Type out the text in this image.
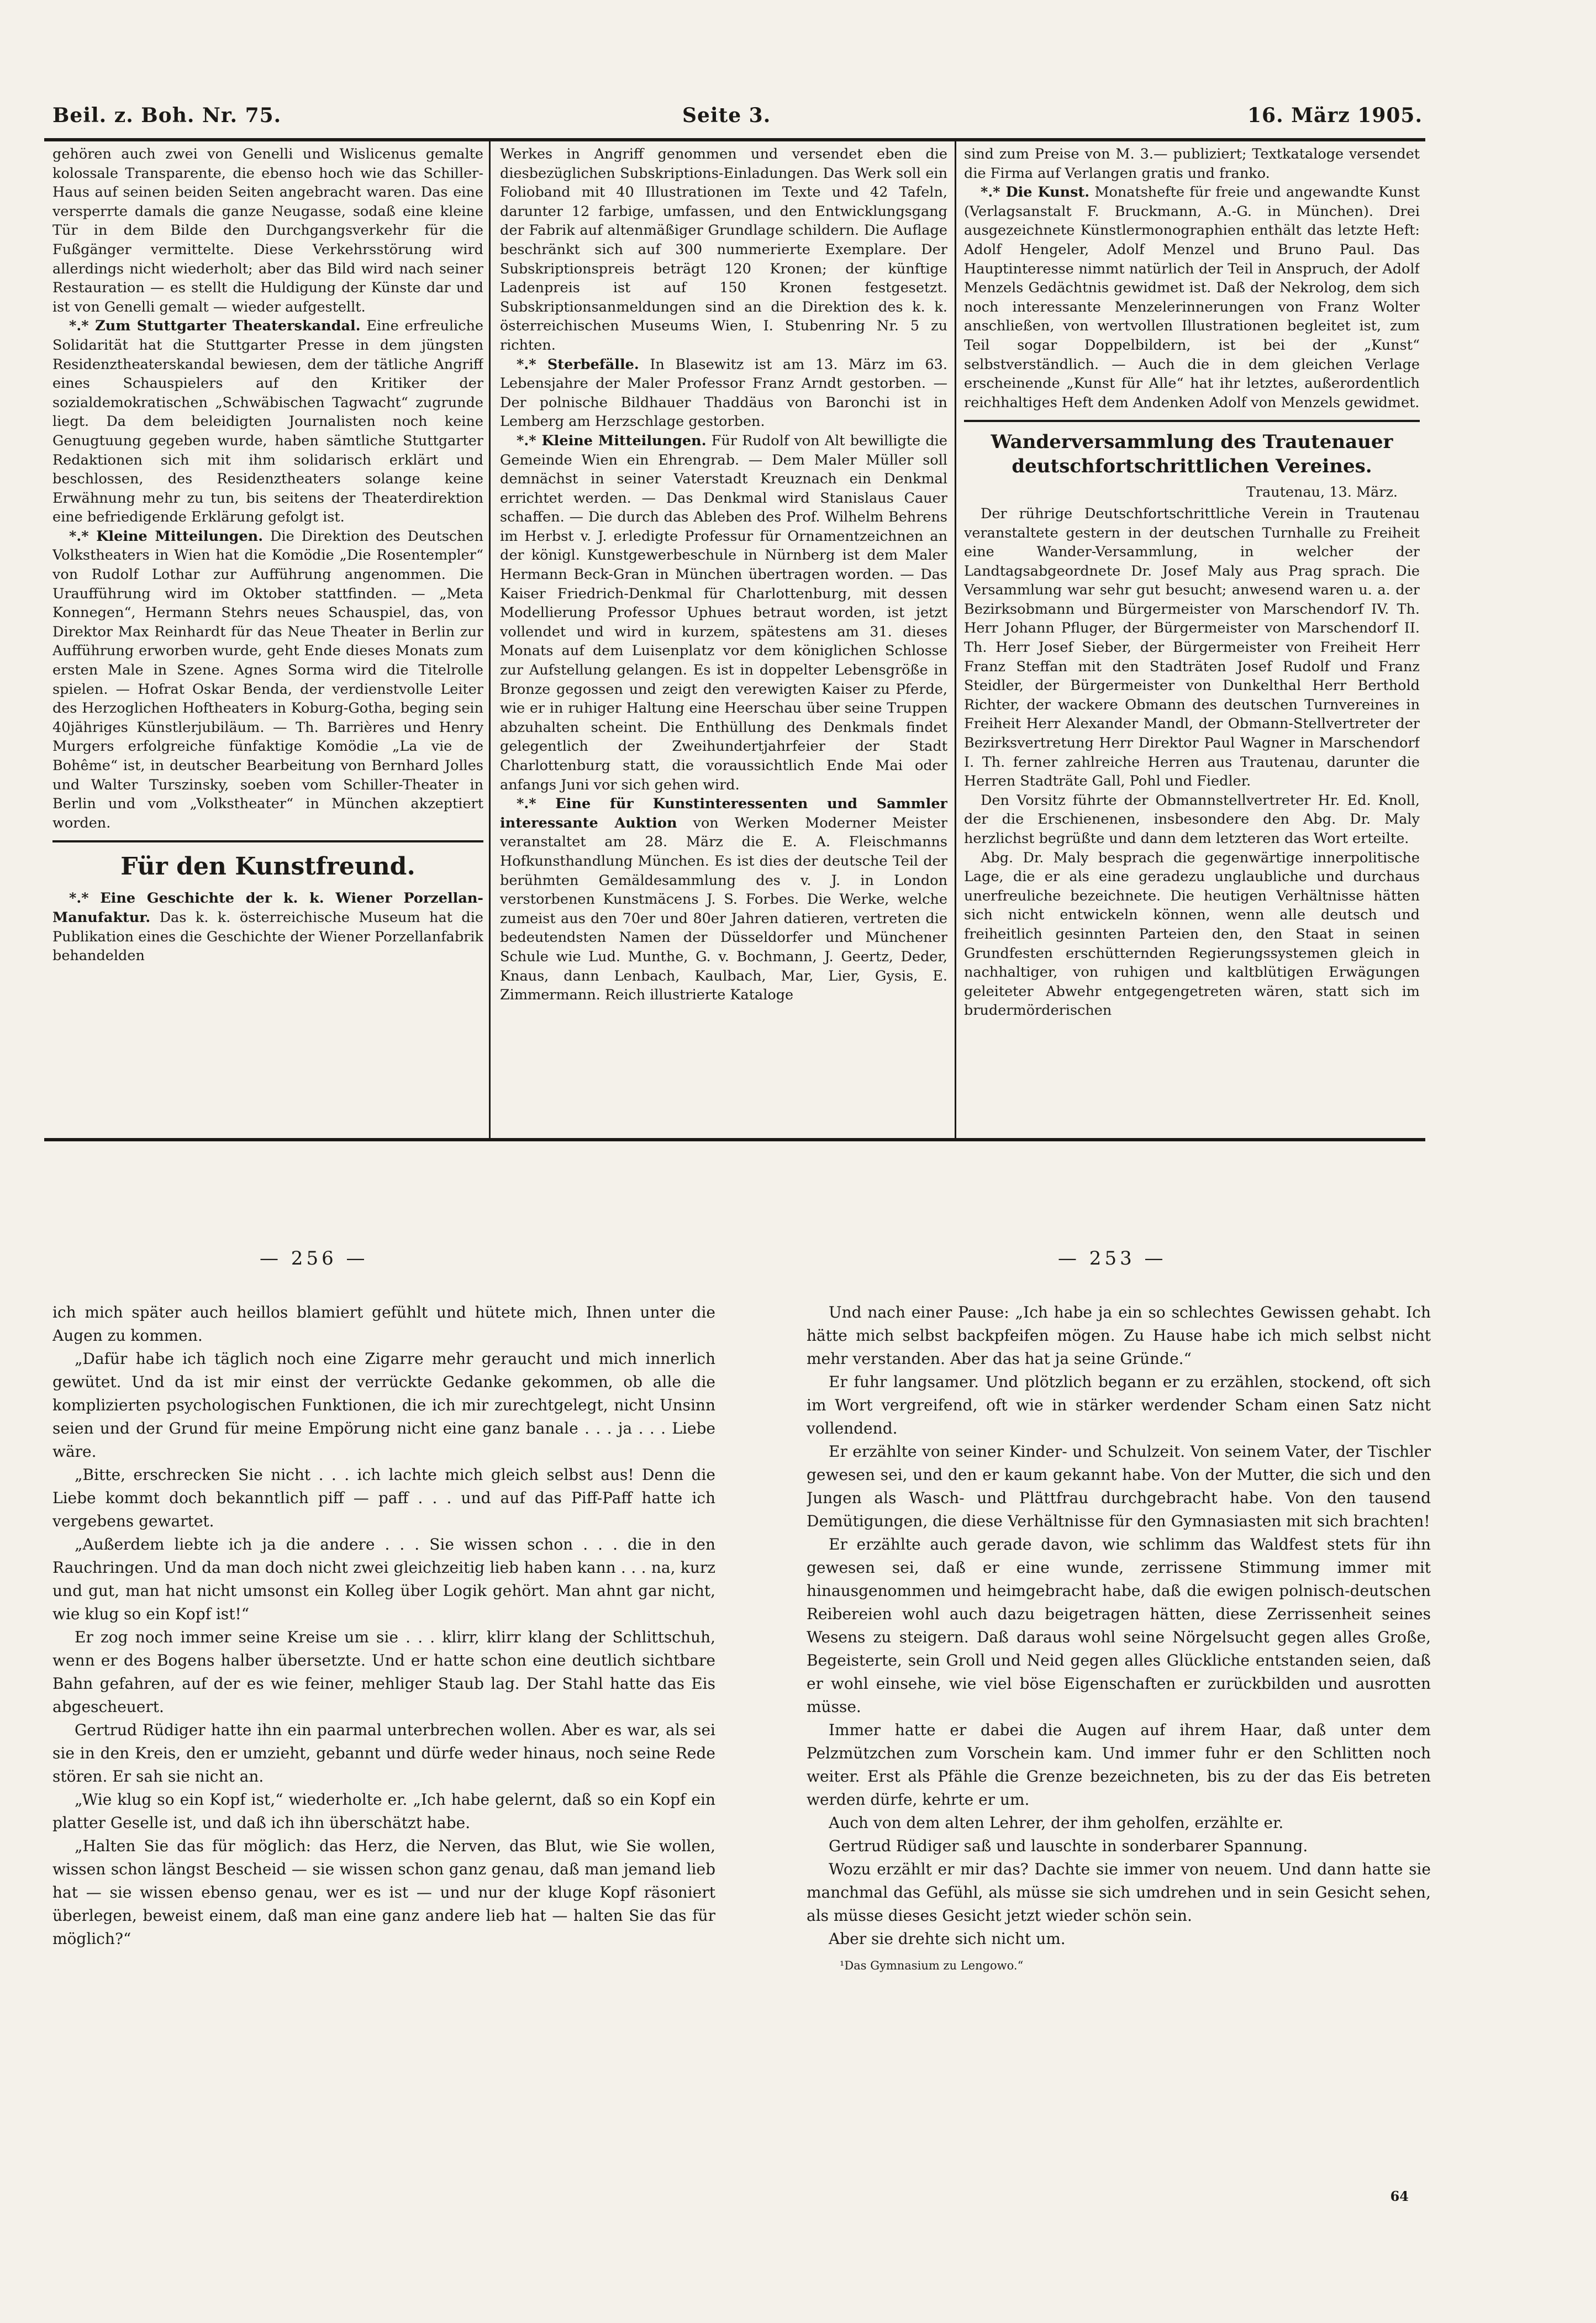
Beil. z. Boh. Nr. 75.	Seite 3.	16. März 1905.

gehören auch zwei von Genelli und Wislicenus gemalte kolossale Transparente, die ebenso hoch wie das Schiller-Haus auf seinen beiden Seiten angebracht waren. Das eine versperrte damals die ganze Neugasse, sodaß eine kleine Tür in dem Bilde den Durchgangsverkehr für die Fußgänger vermittelte. Diese Verkehrsstörung wird allerdings nicht wiederholt; aber das Bild wird nach seiner Restauration — es stellt die Huldigung der Künste dar und ist von Genelli gemalt — wieder aufgestellt.

*.* Zum Stuttgarter Theaterskandal. Eine erfreuliche Solidarität hat die Stuttgarter Presse in dem jüngsten Residenztheaterskandal bewiesen, dem der tätliche Angriff eines Schauspielers auf den Kritiker der sozialdemokratischen „Schwäbischen Tagwacht“ zugrunde liegt. Da dem beleidigten Journalisten noch keine Genugtuung gegeben wurde, haben sämtliche Stuttgarter Redaktionen sich mit ihm solidarisch erklärt und beschlossen, des Residenztheaters solange keine Erwähnung mehr zu tun, bis seitens der Theaterdirektion eine befriedigende Erklärung gefolgt ist.

*.* Kleine Mitteilungen. Die Direktion des Deutschen Volkstheaters in Wien hat die Komödie „Die Rosentempler“ von Rudolf Lothar zur Aufführung angenommen. Die Uraufführung wird im Oktober stattfinden. — „Meta Konnegen“, Hermann Stehrs neues Schauspiel, das, von Direktor Max Reinhardt für das Neue Theater in Berlin zur Aufführung erworben wurde, geht Ende dieses Monats zum ersten Male in Szene. Agnes Sorma wird die Titelrolle spielen. — Hofrat Oskar Benda, der verdienstvolle Leiter des Herzoglichen Hoftheaters in Koburg-Gotha, beging sein 40jähriges Künstlerjubiläum. — Th. Barrières und Henry Murgers erfolgreiche fünfaktige Komödie „La vie de Bohême“ ist, in deutscher Bearbeitung von Bernhard Jolles und Walter Turszinsky, soeben vom Schiller-Theater in Berlin und vom „Volkstheater“ in München akzeptiert worden.

Für den Kunstfreund.

*.* Eine Geschichte der k. k. Wiener Porzellan-Manufaktur. Das k. k. österreichische Museum hat die Publikation eines die Geschichte der Wiener Porzellanfabrik behandelden

Werkes in Angriff genommen und versendet eben die diesbezüglichen Subskriptions-Einladungen. Das Werk soll ein Folioband mit 40 Illustrationen im Texte und 42 Tafeln, darunter 12 farbige, umfassen, und den Entwicklungsgang der Fabrik auf altenmäßiger Grundlage schildern. Die Auflage beschränkt sich auf 300 nummerierte Exemplare. Der Subskriptionspreis beträgt 120 Kronen; der künftige Ladenpreis ist auf 150 Kronen festgesetzt. Subskriptionsanmeldungen sind an die Direktion des k. k. österreichischen Museums Wien, I. Stubenring Nr. 5 zu richten.

*.* Sterbefälle. In Blasewitz ist am 13. März im 63. Lebensjahre der Maler Professor Franz Arndt gestorben. — Der polnische Bildhauer Thaddäus von Baronchi ist in Lemberg am Herzschlage gestorben.

*.* Kleine Mitteilungen. Für Rudolf von Alt bewilligte die Gemeinde Wien ein Ehrengrab. — Dem Maler Müller soll demnächst in seiner Vaterstadt Kreuznach ein Denkmal errichtet werden. — Das Denkmal wird Stanislaus Cauer schaffen. — Die durch das Ableben des Prof. Wilhelm Behrens im Herbst v. J. erledigte Professur für Ornamentzeichnen an der königl. Kunstgewerbeschule in Nürnberg ist dem Maler Hermann Beck-Gran in München übertragen worden. — Das Kaiser Friedrich-Denkmal für Charlottenburg, mit dessen Modellierung Professor Uphues betraut worden, ist jetzt vollendet und wird in kurzem, spätestens am 31. dieses Monats auf dem Luisenplatz vor dem königlichen Schlosse zur Aufstellung gelangen. Es ist in doppelter Lebensgröße in Bronze gegossen und zeigt den verewigten Kaiser zu Pferde, wie er in ruhiger Haltung eine Heerschau über seine Truppen abzuhalten scheint. Die Enthüllung des Denkmals findet gelegentlich der Zweihundertjahrfeier der Stadt Charlottenburg statt, die voraussichtlich Ende Mai oder anfangs Juni vor sich gehen wird.

*.* Eine für Kunstinteressenten und Sammler interessante Auktion von Werken Moderner Meister veranstaltet am 28. März die E. A. Fleischmanns Hofkunsthandlung München. Es ist dies der deutsche Teil der berühmten Gemäldesammlung des v. J. in London verstorbenen Kunstmäcens J. S. Forbes. Die Werke, welche zumeist aus den 70er und 80er Jahren datieren, vertreten die bedeutendsten Namen der Düsseldorfer und Münchener Schule wie Lud. Munthe, G. v. Bochmann, J. Geertz, Deder, Knaus, dann Lenbach, Kaulbach, Mar, Lier, Gysis, E. Zimmermann. Reich illustrierte Kataloge

sind zum Preise von M. 3.— publiziert; Textkataloge versendet die Firma auf Verlangen gratis und franko.

*.* Die Kunst. Monatshefte für freie und angewandte Kunst (Verlagsanstalt F. Bruckmann, A.-G. in München). Drei ausgezeichnete Künstlermonographien enthält das letzte Heft: Adolf Hengeler, Adolf Menzel und Bruno Paul. Das Hauptinteresse nimmt natürlich der Teil in Anspruch, der Adolf Menzels Gedächtnis gewidmet ist. Daß der Nekrolog, dem sich noch interessante Menzelerinnerungen von Franz Wolter anschließen, von wertvollen Illustrationen begleitet ist, zum Teil sogar Doppelbildern, ist bei der „Kunst“ selbstverständlich. — Auch die in dem gleichen Verlage erscheinende „Kunst für Alle“ hat ihr letztes, außerordentlich reichhaltiges Heft dem Andenken Adolf von Menzels gewidmet.

Wanderversammlung des Trautenauer deutschfortschrittlichen Vereines.

Trautenau, 13. März.

Der rührige Deutschfortschrittliche Verein in Trautenau veranstaltete gestern in der deutschen Turnhalle zu Freiheit eine Wander-Versammlung, in welcher der Landtagsabgeordnete Dr. Josef Maly aus Prag sprach. Die Versammlung war sehr gut besucht; anwesend waren u. a. der Bezirksobmann und Bürgermeister von Marschendorf IV. Th. Herr Johann Pfluger, der Bürgermeister von Marschendorf II. Th. Herr Josef Sieber, der Bürgermeister von Freiheit Herr Franz Steffan mit den Stadträten Josef Rudolf und Franz Steidler, der Bürgermeister von Dunkelthal Herr Berthold Richter, der wackere Obmann des deutschen Turnvereines in Freiheit Herr Alexander Mandl, der Obmann-Stellvertreter der Bezirksvertretung Herr Direktor Paul Wagner in Marschendorf I. Th. ferner zahlreiche Herren aus Trautenau, darunter die Herren Stadträte Gall, Pohl und Fiedler.

Den Vorsitz führte der Obmannstellvertreter Hr. Ed. Knoll, der die Erschienenen, insbesondere den Abg. Dr. Maly herzlichst begrüßte und dann dem letzteren das Wort erteilte.

Abg. Dr. Maly besprach die gegenwärtige innerpolitische Lage, die er als eine geradezu unglaubliche und durchaus unerfreuliche bezeichnete. Die heutigen Verhältnisse hätten sich nicht entwickeln können, wenn alle deutsch und freiheitlich gesinnten Parteien den, den Staat in seinen Grundfesten erschütternden Regierungssystemen gleich in nachhaltiger, von ruhigen und kaltblütigen Erwägungen geleiteter Abwehr entgegengetreten wären, statt sich im brudermörderischen

— 256 —	— 253 —

ich mich später auch heillos blamiert gefühlt und hütete mich, Ihnen unter die Augen zu kommen.

„Dafür habe ich täglich noch eine Zigarre mehr geraucht und mich innerlich gewütet. Und da ist mir einst der verrückte Gedanke gekommen, ob alle die komplizierten psychologischen Funktionen, die ich mir zurechtgelegt, nicht Unsinn seien und der Grund für meine Empörung nicht eine ganz banale . . . ja . . . Liebe wäre.

„Bitte, erschrecken Sie nicht . . . ich lachte mich gleich selbst aus! Denn die Liebe kommt doch bekanntlich piff — paff . . . und auf das Piff-Paff hatte ich vergebens gewartet.

„Außerdem liebte ich ja die andere . . . Sie wissen schon . . . die in den Rauchringen. Und da man doch nicht zwei gleichzeitig lieb haben kann . . . na, kurz und gut, man hat nicht umsonst ein Kolleg über Logik gehört. Man ahnt gar nicht, wie klug so ein Kopf ist!“

Er zog noch immer seine Kreise um sie . . . klirr, klirr klang der Schlittschuh, wenn er des Bogens halber übersetzte. Und er hatte schon eine deutlich sichtbare Bahn gefahren, auf der es wie feiner, mehliger Staub lag. Der Stahl hatte das Eis abgescheuert.

Gertrud Rüdiger hatte ihn ein paarmal unterbrechen wollen. Aber es war, als sei sie in den Kreis, den er umzieht, gebannt und dürfe weder hinaus, noch seine Rede stören. Er sah sie nicht an.

„Wie klug so ein Kopf ist,“ wiederholte er. „Ich habe gelernt, daß so ein Kopf ein platter Geselle ist, und daß ich ihn überschätzt habe.

„Halten Sie das für möglich: das Herz, die Nerven, das Blut, wie Sie wollen, wissen schon längst Bescheid — sie wissen schon ganz genau, daß man jemand lieb hat — sie wissen ebenso genau, wer es ist — und nur der kluge Kopf räsoniert überlegen, beweist einem, daß man eine ganz andere lieb hat — halten Sie das für möglich?“

Und nach einer Pause: „Ich habe ja ein so schlechtes Gewissen gehabt. Ich hätte mich selbst backpfeifen mögen. Zu Hause habe ich mich selbst nicht mehr verstanden. Aber das hat ja seine Gründe.“

Er fuhr langsamer. Und plötzlich begann er zu erzählen, stockend, oft sich im Wort vergreifend, oft wie in stärker werdender Scham einen Satz nicht vollendend.

Er erzählte von seiner Kinder- und Schulzeit. Von seinem Vater, der Tischler gewesen sei, und den er kaum gekannt habe. Von der Mutter, die sich und den Jungen als Wasch- und Plättfrau durchgebracht habe. Von den tausend Demütigungen, die diese Verhältnisse für den Gymnasiasten mit sich brachten!

Er erzählte auch gerade davon, wie schlimm das Waldfest stets für ihn gewesen sei, daß er eine wunde, zerrissene Stimmung immer mit hinausgenommen und heimgebracht habe, daß die ewigen polnisch-deutschen Reibereien wohl auch dazu beigetragen hätten, diese Zerrissenheit seines Wesens zu steigern. Daß daraus wohl seine Nörgelsucht gegen alles Große, Begeisterte, sein Groll und Neid gegen alles Glückliche entstanden seien, daß er wohl einsehe, wie viel böse Eigenschaften er zurückbilden und ausrotten müsse.

Immer hatte er dabei die Augen auf ihrem Haar, daß unter dem Pelzmützchen zum Vorschein kam. Und immer fuhr er den Schlitten noch weiter. Erst als Pfähle die Grenze bezeichneten, bis zu der das Eis betreten werden dürfe, kehrte er um.

Auch von dem alten Lehrer, der ihm geholfen, erzählte er.

Gertrud Rüdiger saß und lauschte in sonderbarer Spannung.

Wozu erzählt er mir das? Dachte sie immer von neuem. Und dann hatte sie manchmal das Gefühl, als müsse sie sich umdrehen und in sein Gesicht sehen, als müsse dieses Gesicht jetzt wieder schön sein.

Aber sie drehte sich nicht um.

¹Das Gymnasium zu Lengowo.“

64
